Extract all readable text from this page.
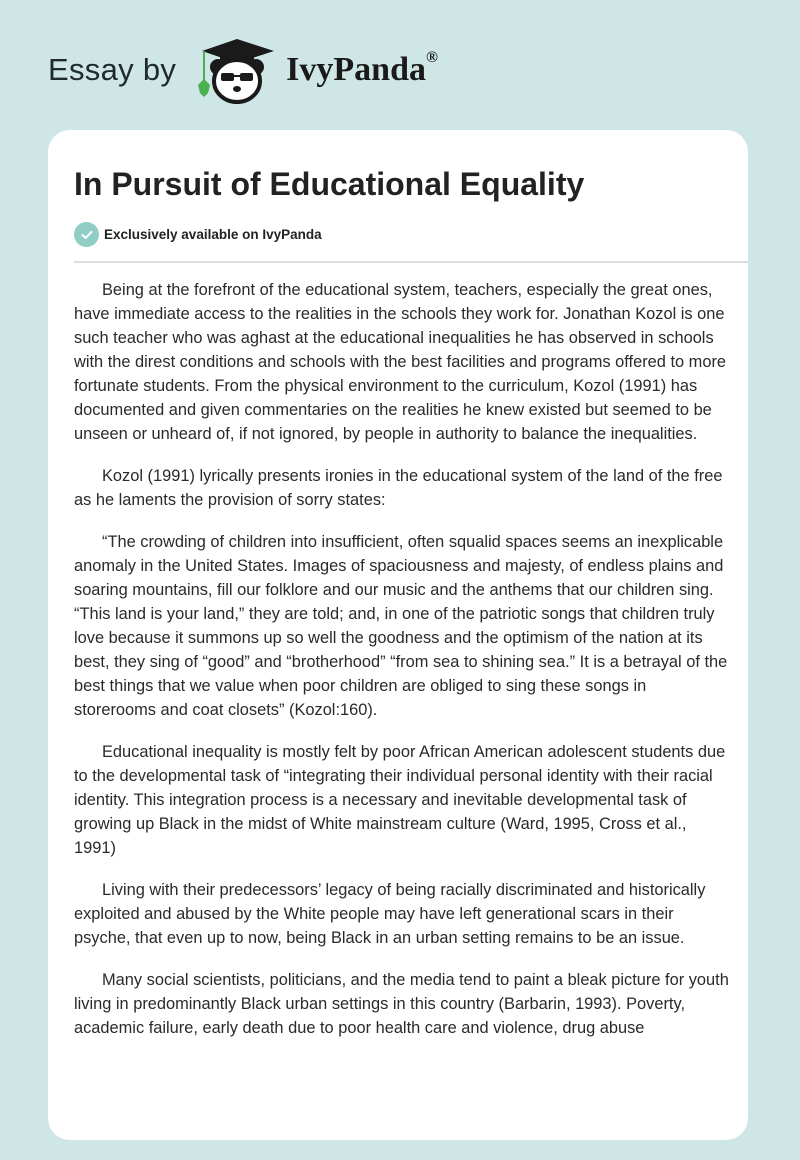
Essay by	IvyPanda®
In Pursuit of Educational Equality
Exclusively available on IvyPanda

Being at the forefront of the educational system, teachers, especially the great ones, have immediate access to the realities in the schools they work for. Jonathan Kozol is one such teacher who was aghast at the educational inequalities he has observed in schools with the direst conditions and schools with the best facilities and programs offered to more fortunate students. From the physical environment to the curriculum, Kozol (1991) has documented and given commentaries on the realities he knew existed but seemed to be unseen or unheard of, if not ignored, by people in authority to balance the inequalities.

Kozol (1991) lyrically presents ironies in the educational system of the land of the free as he laments the provision of sorry states:

“The crowding of children into insufficient, often squalid spaces seems an inexplicable anomaly in the United States. Images of spaciousness and majesty, of endless plains and soaring mountains, fill our folklore and our music and the anthems that our children sing. “This land is your land,” they are told; and, in one of the patriotic songs that children truly love because it summons up so well the goodness and the optimism of the nation at its best, they sing of “good” and “brotherhood” “from sea to shining sea.” It is a betrayal of the best things that we value when poor children are obliged to sing these songs in storerooms and coat closets” (Kozol:160).

Educational inequality is mostly felt by poor African American adolescent students due to the developmental task of “integrating their individual personal identity with their racial identity. This integration process is a necessary and inevitable developmental task of growing up Black in the midst of White mainstream culture (Ward, 1995, Cross et al., 1991)

Living with their predecessors’ legacy of being racially discriminated and historically exploited and abused by the White people may have left generational scars in their psyche, that even up to now, being Black in an urban setting remains to be an issue.

Many social scientists, politicians, and the media tend to paint a bleak picture for youth living in predominantly Black urban settings in this country (Barbarin, 1993). Poverty, academic failure, early death due to poor health care and violence, drug abuse
